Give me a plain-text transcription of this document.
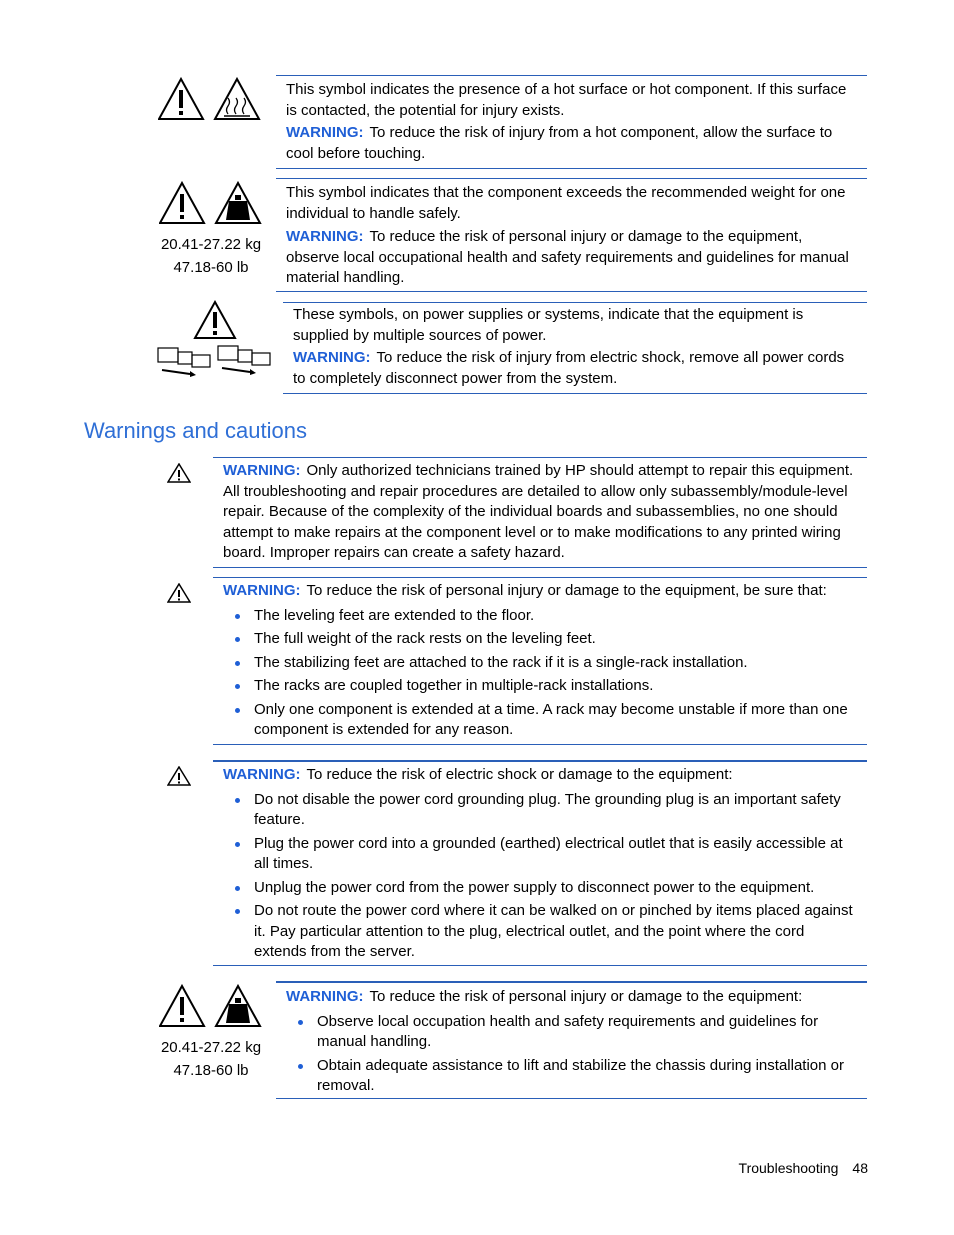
This symbol indicates the presence of a hot surface or hot component. If this surface is contacted, the potential for injury exists.

WARNING: To reduce the risk of injury from a hot component, allow the surface to cool before touching.

20.41-27.22 kg
47.18-60 lb

This symbol indicates that the component exceeds the recommended weight for one individual to handle safely.

WARNING: To reduce the risk of personal injury or damage to the equipment, observe local occupational health and safety requirements and guidelines for manual material handling.

These symbols, on power supplies or systems, indicate that the equipment is supplied by multiple sources of power.

WARNING: To reduce the risk of injury from electric shock, remove all power cords to completely disconnect power from the system.

Warnings and cautions

WARNING: Only authorized technicians trained by HP should attempt to repair this equipment. All troubleshooting and repair procedures are detailed to allow only subassembly/module-level repair. Because of the complexity of the individual boards and subassemblies, no one should attempt to make repairs at the component level or to make modifications to any printed wiring board. Improper repairs can create a safety hazard.

WARNING: To reduce the risk of personal injury or damage to the equipment, be sure that:

The leveling feet are extended to the floor.
The full weight of the rack rests on the leveling feet.
The stabilizing feet are attached to the rack if it is a single-rack installation.
The racks are coupled together in multiple-rack installations.
Only one component is extended at a time. A rack may become unstable if more than one component is extended for any reason.

WARNING: To reduce the risk of electric shock or damage to the equipment:

Do not disable the power cord grounding plug. The grounding plug is an important safety feature.
Plug the power cord into a grounded (earthed) electrical outlet that is easily accessible at all times.
Unplug the power cord from the power supply to disconnect power to the equipment.
Do not route the power cord where it can be walked on or pinched by items placed against it. Pay particular attention to the plug, electrical outlet, and the point where the cord extends from the server.
20.41-27.22 kg
47.18-60 lb

WARNING: To reduce the risk of personal injury or damage to the equipment:

Observe local occupation health and safety requirements and guidelines for manual handling.
Obtain adequate assistance to lift and stabilize the chassis during installation or removal.
Troubleshooting 48
